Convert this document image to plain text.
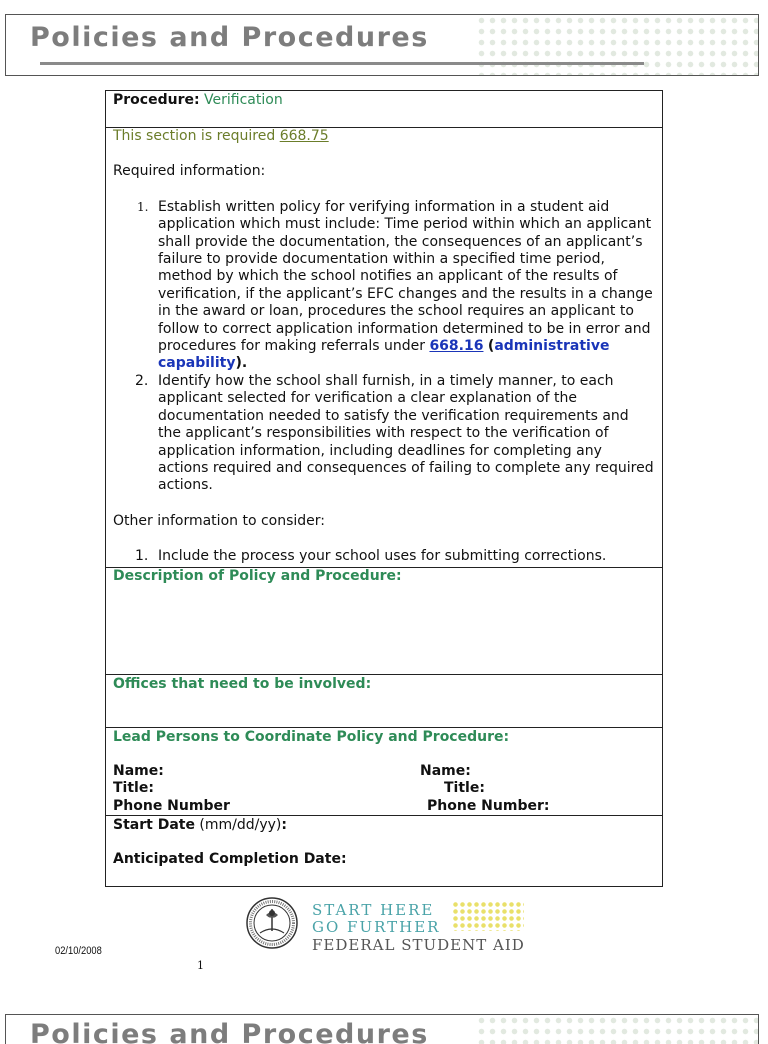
Policies and Procedures
Procedure: Verification

This section is required 668.75

Required information:

1. Establish written policy for verifying information in a student aid application which must include: Time period within which an applicant shall provide the documentation, the consequences of an applicant’s failure to provide documentation within a specified time period, method by which the school notifies an applicant of the results of verification, if the applicant’s EFC changes and the results in a change in the award or loan, procedures the school requires an applicant to follow to correct application information determined to be in error and procedures for making referrals under 668.16 (administrative capability).
2. Identify how the school shall furnish, in a timely manner, to each applicant selected for verification a clear explanation of the documentation needed to satisfy the verification requirements and the applicant’s responsibilities with respect to the verification of application information, including deadlines for completing any actions required and consequences of failing to complete any required actions.

Other information to consider:

1. Include the process your school uses for submitting corrections.
Description of Policy and Procedure:
Offices that need to be involved:
Lead Persons to Coordinate Policy and Procedure:
Name:
Title:
Phone Number
Name:
Title:
Phone Number:
Start Date (mm/dd/yy):
Anticipated Completion Date:
START HERE
GO FURTHER
FEDERAL STUDENT AID
02/10/2008
1
Policies and Procedures
